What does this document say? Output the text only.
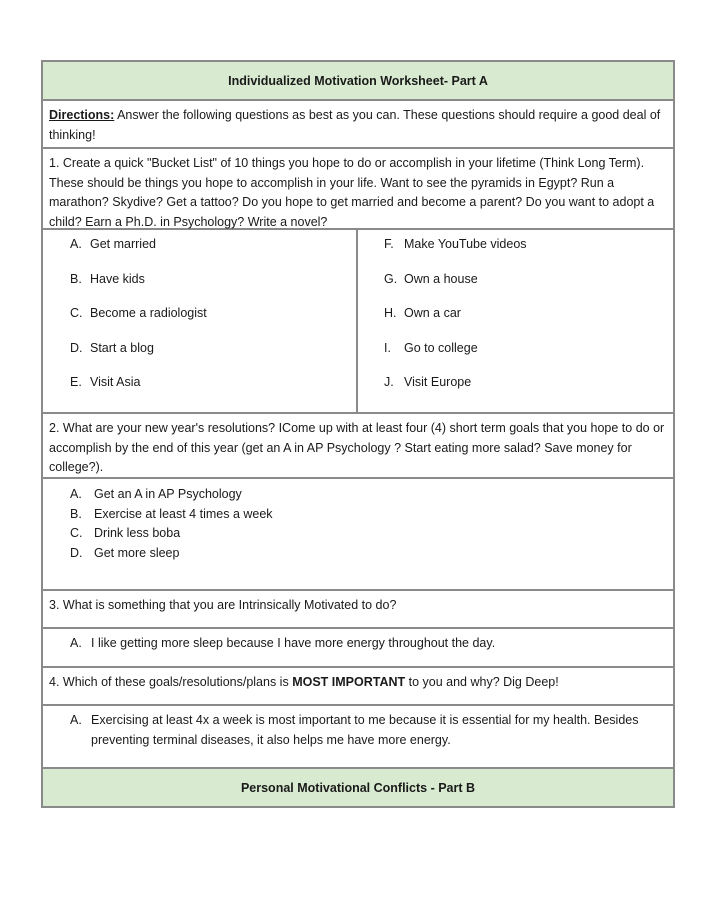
Individualized Motivation Worksheet- Part A
Directions: Answer the following questions as best as you can. These questions should require a good deal of thinking!
1. Create a quick "Bucket List" of 10 things you hope to do or accomplish in your lifetime (Think Long Term). These should be things you hope to accomplish in your life. Want to see the pyramids in Egypt? Run a marathon? Skydive? Get a tattoo? Do you hope to get married and become a parent? Do you want to adopt a child? Earn a Ph.D. in Psychology? Write a novel?
A. Get married
B. Have kids
C. Become a radiologist
D. Start a blog
E. Visit Asia
F. Make YouTube videos
G. Own a house
H. Own a car
I.	Go to college
J. Visit Europe
2. What are your new year's resolutions? ICome up with at least four (4) short term goals that you hope to do or accomplish by the end of this year (get an A in AP Psychology ? Start eating more salad? Save money for college?).
A. Get an A in AP Psychology
B. Exercise at least 4 times a week
C. Drink less boba
D. Get more sleep
3. What is something that you are Intrinsically Motivated to do?
A. I like getting more sleep because I have more energy throughout the day.
4. Which of these goals/resolutions/plans is MOST IMPORTANT to you and why? Dig Deep!
A. Exercising at least 4x a week is most important to me because it is essential for my health. Besides preventing terminal diseases, it also helps me have more energy.
Personal Motivational Conflicts - Part B
